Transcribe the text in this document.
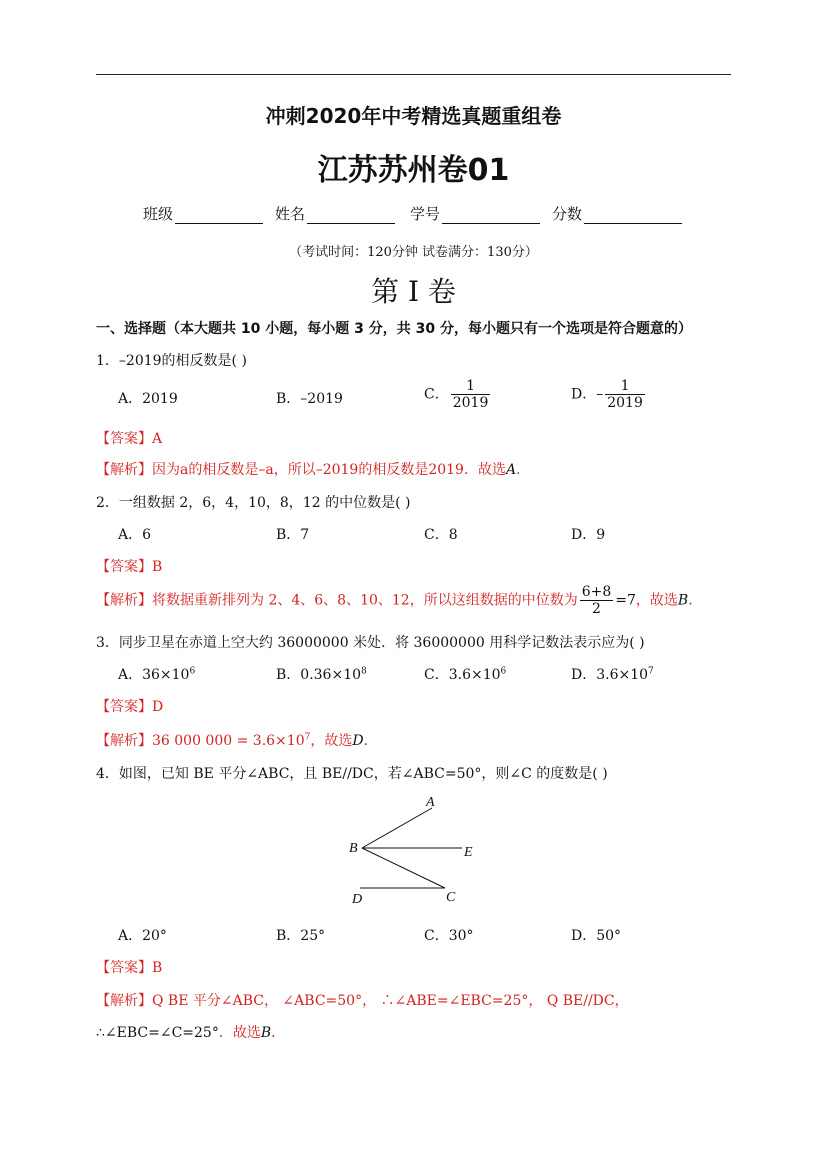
冲刺2020年中考精选真题重组卷
江苏苏州卷01
班级	姓名	学号	分数
（考试时间：120分钟 试卷满分：130分）
第 I 卷
一、选择题（本大题共 10 小题，每小题 3 分，共 30 分，每小题只有一个选项是符合题意的）
1．–2019的相反数是( )
A．2019	B．–2019	C． $\frac{1}{2019}$	D．– $\frac{1}{2019}$
【答案】A
【解析】因为a的相反数是–a，所以–2019的相反数是2019．故选A．
2．一组数据 2，6，4，10，8，12 的中位数是( )
A．6	B．7	C．8	D．9
【答案】B
【解析】将数据重新排列为 2、4、6、8、10、12，所以这组数据的中位数为 $\frac{6+8}{2} =7$，故选B．
3．同步卫星在赤道上空大约 36000000 米处．将 36000000 用科学记数法表示应为( )
A．$36\times 10^6$	B．$0.36\times 10^8$	C．$3.6\times 10^6$	D．$3.6\times 10^7$
【答案】D
【解析】36 000 $000 = 3.6\times 10^7$，故选D．
4．如图，已知 BE 平分∠ABC，且 BE//DC，若∠ABC=50°，则∠C 的度数是( )
A
B	E
D	C
A．20°	B．25°	C．30°	D．50°
【答案】B
【解析】Q BE 平分∠ABC， ∠ABC=50°， ∴∠ABE=∠EBC=25°， Q BE//DC，
∴∠EBC=∠C=25°．故选B．
